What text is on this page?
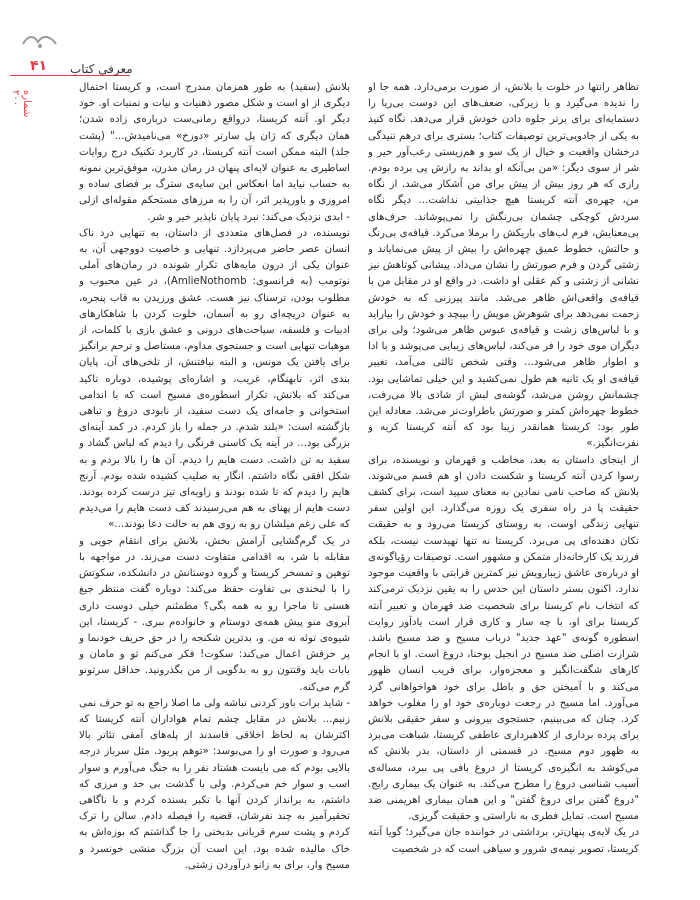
۴۱ معرفی کتاب
شماره ۲۰۰

تظاهر رانتها در خلوت با بلانش، از صورت برمی‌دارد. همه جا او را ندیده می‌گیرد و با زیرکی، ضعف‌های این دوست بی‌ریا را دستمایه‌ای برای برتر جلوه دادن خودش قرار می‌دهد. نگاه کنید به یکی از جادویی‌ترین توصیفات کتاب؛ بستری برای درهم تنیدگی درخشان واقعیت و خیال از یک سو و هم‌زیستی رعب‌آور خیر و شر از سوی دیگر: «من بی‌آنکه او بداند به رازش پی برده بودم. رازی که هر روز بیش از پیش برای من آشکار می‌شد. از نگاه من، چهره‌ی آنته کریستا هیچ جذابیتی نداشت... دیگر نگاه سردش کوچکی چشمان بی‌رنگش را نمی‌پوشاند. حرف‌های بی‌معنایش، فرم لب‌های باریکش را برملا می‌کرد. قیافه‌ی بی‌رنگ و حالتش، خطوط عمیق چهره‌اش را بیش از پیش می‌نمایاند و زشتی گردن و فرم صورتش را نشان می‌داد. پیشانی کوتاهش نیز نشانی از زشتی و کم عقلی او داشت. در واقع او در مقابل من با قیافه‌ی واقعی‌اش ظاهر می‌شد. مانند پیرزنی که به خودش زحمت نمی‌دهد برای شوهرش مویش را بپیچد و خودش را بیاراید و با لباس‌های زشت و قیافه‌ی عبوس ظاهر می‌شود؛ ولی برای دیگران موی خود را فر می‌کند، لباس‌های زیبایی می‌پوشد و با ادا و اطوار ظاهر می‌شود... وقتی شخص ثالثی می‌آمد، تغییر قیافه‌ی او یک ثانیه هم طول نمی‌کشید و این خیلی تماشایی بود. چشمانش روشن می‌شد، گوشه‌ی لبش از شادی بالا می‌رفت، خطوط چهره‌اش کمتر و صورتش باطراوت‌تر می‌شد. معادله این طور بود: کریستا همانقدر زیبا بود که آنته کریستا کریه و نفرت‌انگیز.»

از اینجای داستان به بعد، مخاطب و قهرمان و نویسنده، برای رسوا کردن آنته کریستا و شکست دادن او هم قسم می‌شوند. بلانش که صاحب نامی نمادین به معنای سپید است، برای کشف حقیقت پا در راه سفری یک روزه می‌گذارد. این اولین سفر تنهایی زندگی اوست. به روستای کریستا می‌رود و به حقیقت تکان دهنده‌ای پی می‌برد. کریستا نه تنها تهیدست نیست، بلکه فرزند یک کارخانه‌دار متمکن و مشهور است. توصیفات رؤیاگونه‌ی او درباره‌ی عاشق زیبارویش نیز کمترین قرابتی با واقعیت موجود ندارد. اکنون بستر داستان این حدس را به یقین نزدیک ترمی‌کند که انتخاب نام کریستا برای شخصیت ضد قهرمان و تعبیر آنته کریستا برای او، با چه ساز و کاری قرار است یادآور روایت اسطوره گونه‌ی "عهد جدید" درباب مسیح و ضد مسیح باشد. شرارت اصلی ضد مسیح در انجیل یوحنا، دروغ است. او با انجام کارهای شگفت‌انگیز و معجزه‌وار، برای فریب انسان ظهور می‌کند و با آمیختن حق و باطل برای خود هواخواهانی گرد می‌آورد. اما مسیح در رجعت دوباره‌ی خود او را مغلوب خواهد کرد. چنان که می‌بینیم، جستجوی بیرونی و سفر حقیقی بلانش برای پرده برداری از کلاهبرداری عاطفی کریستا، شباهت می‌برد به ظهور دوم مسیح. در قسمتی از داستان، بدر بلانش که می‌کوشد به انگیزه‌ی کریستا از دروغ بافی پی ببرد، مساله‌ی آسیب شناسی دروغ را مطرح می‌کند. به عنوان یک بیماری رایج. "دروغ گفتن برای دروغ گفتن" و این همان بیماری اهریمنی ضد مسیح است. تمایل فطری به ناراستی و حقیقت گریزی.

در یک لایه‌ی پنهان‌تر، برداشتی در خواننده جان می‌گیرد؛ گویا آنته کریستا، تصویر نیمه‌ی شرور و سیاهی است که در شخصیت

بلانش (سفید) به طور همزمان مندرج است، و کریستا احتمال دیگری از او است و شکل مصور ذهنیات و نیات و تمنیات او. خود دیگر او. آنته کریستا، درواقع رمانی‌ست درباره‌ی زاده شدن؛ همان دیگری که ژان پل سارتر «دوزخ» می‌نامیدش..." (پشت جلد) البته ممکن است آنته کریستا، در کاربرد تکنیک درج روایات اساطیری به عنوان لایه‌ای پنهان در رمان مدرن، موفق‌ترین نمونه به حساب نیاید اما انعکاس این سایه‌ی سترگ بر فضای ساده و امروزی و باورپذیر اثر، آن را به مرزهای مستحکم مقوله‌ای ازلی - ابدی نزدیک می‌کند: نبرد پایان ناپذیر خیر و شر.

نویسنده، در فصل‌های متعددی از داستان، به تنهایی درد ناک انسان عصر حاضر می‌پردازد. تنهایی و خاصیت دووجهی آن، به عنوان یکی از درون مایه‌های تکرار شونده در رمان‌های آملی نوتومب (به فرانسوی: AmlieNothomb)، در عین محبوب و مطلوب بودن، ترسناک نیز هست. عشق ورزیدن به قاب پنجره، به عنوان دریچه‌ای رو به آسمان، خلوت کردن با شاهکارهای ادبیات و فلسفه، سیاحت‌های درونی و عشق بازی با کلمات، از موهبات تنهایی است و جستجوی مداوم، مستاصل و ترحم برانگیز برای یافتن یک مونس، و البته نیافتنش، از تلخی‌های آن. پایان بندی اثر، نابهنگام، غریب، و اشاره‌ای پوشیده، دوباره تاکید می‌کند که بلانش، تکرار اسطوره‌ی مسیح است که با اندامی استخوانی و جامه‌ای یک دست سفید، از نابودی دروغ و تباهی بازگشته است: «بلند شدم. در جمله را باز کردم. در کمد آینه‌ای بزرگی بود... در آینه یک کاسنی فرنگی را دیدم که لباس گشاد و سفید به تن داشت. دست هایم را دیدم. آن ها را بالا بردم و به شکل افقی نگاه داشتم. انگار به صلیب کشیده شده بودم. آرنج هایم را دیدم که تا شده بودند و زاویه‌ای تیز درست کرده بودند. دست هایم از پهنای به هم می‌رسیدند کف دست هایم را می‌دیدم که علی رغم میلشان رو به روی هم به حالت دعا بودند...»

در یک گرم‌گشایی آرامش بخش، بلانش برای انتقام جویی و مقابله با شر، به اقدامی متفاوت دست می‌زند. در مواجهه با توهین و تمسخر کریستا و گروه دوستانش در دانشکده، سکوتش را با لبخندی بی تفاوت حفظ می‌کند: دوباره گفت منتظر جیغ هستی تا ماجرا رو به همه بگی؟ مطمئنم خیلی دوست داری آبروی منو پیش همه‌ی دوستام و خانواده‌م ببری. - کریستا، این شیوه‌ی توئه نه من. و، بدترین شکنجه را در حق حریف خودنما و پر حرفش اعمال می‌کند: سکوت! فکر می‌کنم تو و مامان و بابات باید وقتتون رو به بدگویی از من بگذرونید. حداقل سرتونو گرم می‌کنه.

- شاید برات باور کردنی نباشه ولی ما اصلا راجع به تو حرف نمی زنیم... بلانش در مقابل چشم تمام هواداران آنته کریستا که اکثرشان به لحاظ اخلاقی فاسدند از پله‌های آمفی تئاتر بالا می‌رود و صورت او را می‌بوسد: «توهم پریود. مثل سرباز درجه بالایی بودم که می بایست هشتاد نفر را به جنگ می‌آورم و سوار اسب و سوار خم می‌کردم. ولی با گذشت بی حد و مرزی که داشتم، به برانداز کردن آنها با تکبر بسنده کردم و با ناگاهی تحقیرآمیز به چند نفرشان، قضیه را فیصله دادم. سالن را ترک کردم و پشت سرم قربانی بدبختی را جا گذاشتم که بوزه‌اش به خاک مالیده شده بود. این است آن بزرگ منشی خونسرد و مسیح وار، برای به زانو درآوردن زشتی.
